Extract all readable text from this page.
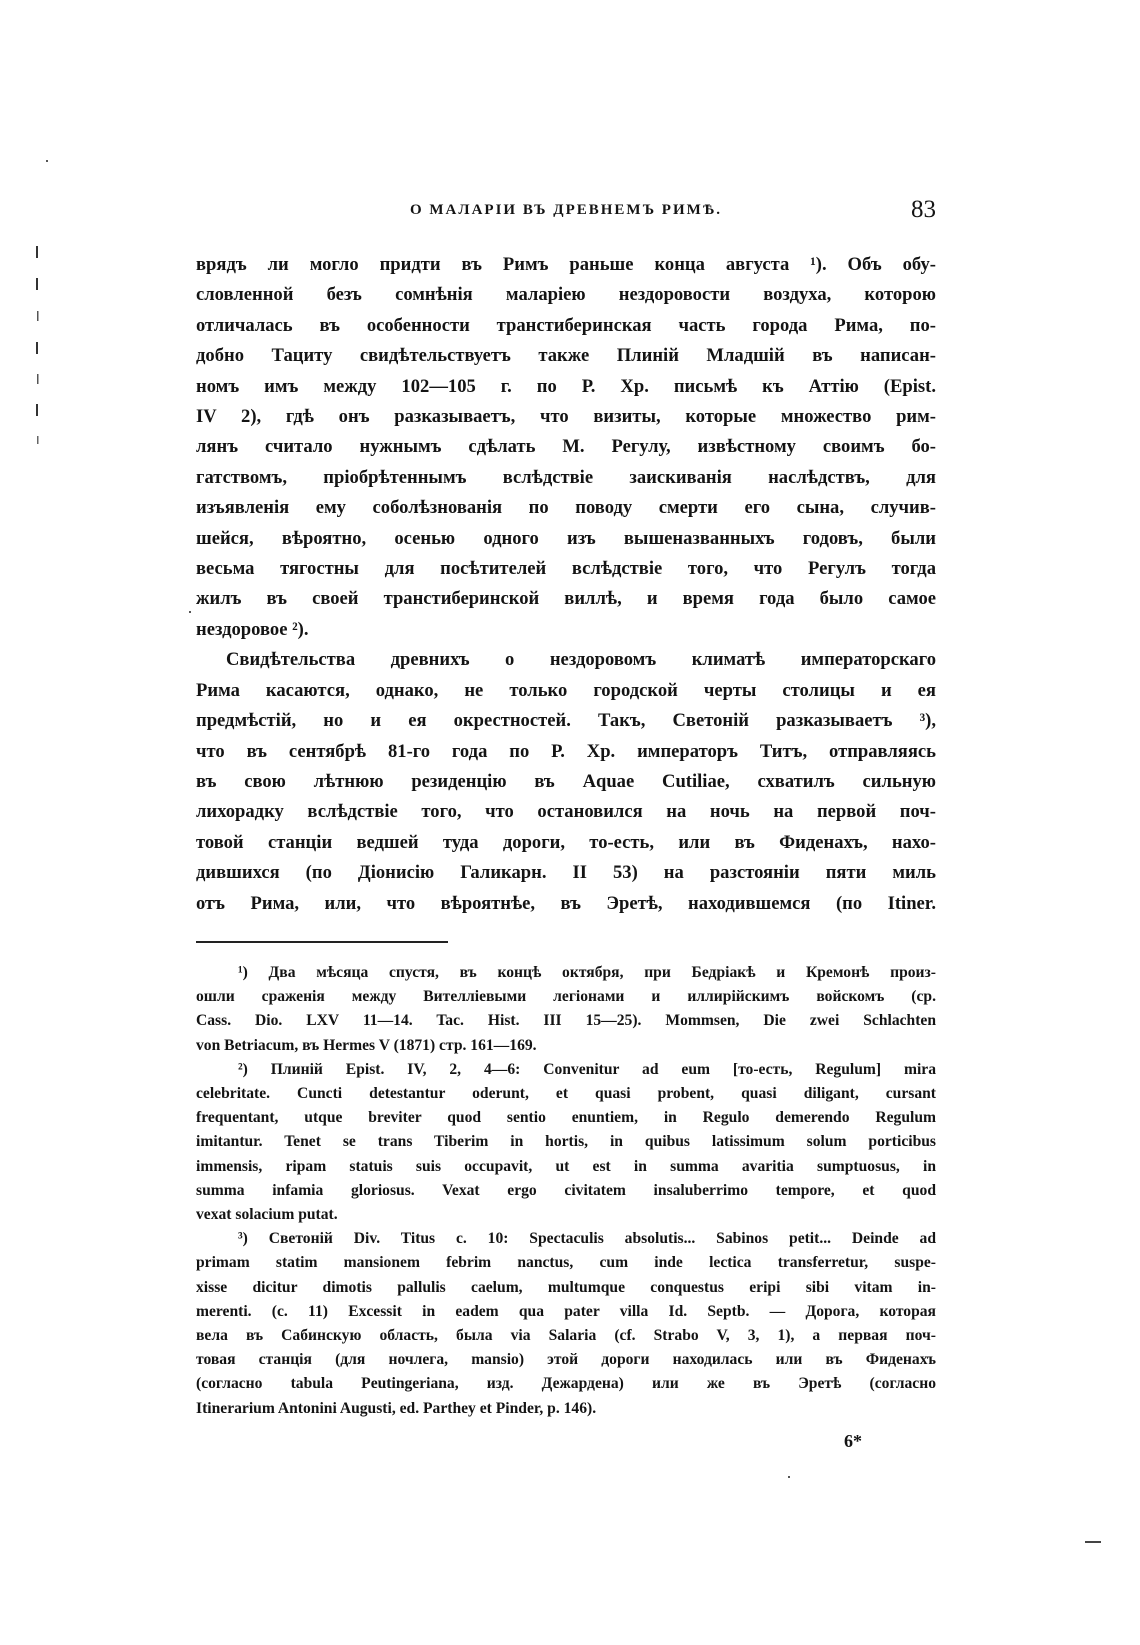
О МАЛАРІИ ВЪ ДРЕВНЕМЪ РИМѢ.	83
врядъ ли могло придти въ Римъ раньше конца августа ¹). Объ обу-
словленной безъ сомнѣнія маларіею нездоровости воздуха, которою
отличалась въ особенности транстиберинская часть города Рима, по-
добно Тациту свидѣтельствуетъ также Плиній Младшій въ написан-
номъ имъ между 102—105 г. по Р. Хр. письмѣ къ Аттію (Epist.
IV 2), гдѣ онъ разказываетъ, что визиты, которые множество рим-
лянъ считало нужнымъ сдѣлать М. Регулу, извѣстному своимъ бо-
гатствомъ, пріобрѣтеннымъ вслѣдствіе заискиванія наслѣдствъ, для
изъявленія ему соболѣзнованія по поводу смерти его сына, случив-
шейся, вѣроятно, осенью одного изъ вышеназванныхъ годовъ, были
весьма тягостны для посѣтителей вслѣдствіе того, что Регулъ тогда
жилъ въ своей транстиберинской виллѣ, и время года было самое
нездоровое ²).
Свидѣтельства древнихъ о нездоровомъ климатѣ императорскаго
Рима касаются, однако, не только городской черты столицы и ея
предмѣстій, но и ея окрестностей. Такъ, Светоній разказываетъ ³),
что въ сентябрѣ 81-го года по Р. Хр. императоръ Титъ, отправляясь
въ свою лѣтнюю резиденцію въ Aquae Cutiliae, схватилъ сильную
лихорадку вслѣдствіе того, что остановился на ночь на первой поч-
товой станціи ведшей туда дороги, то-есть, или въ Фиденахъ, нахо-
дившихся (по Діонисію Галикарн. II 53) на разстояніи пяти миль
отъ Рима, или, что вѣроятнѣе, въ Эретѣ, находившемся (по Itiner.
¹) Два мѣсяца спустя, въ концѣ октября, при Бедріакѣ и Кремонѣ произ-
ошли сраженія между Вителліевыми легіонами и иллирійскимъ войскомъ (ср.
Cass. Dio. LXV 11—14. Tac. Hist. III 15—25). Mommsen, Die zwei Schlachten
von Betriacum, въ Hermes V (1871) стр. 161—169.
²) Плиній Epist. IV, 2, 4—6: Convenitur ad eum [то-есть, Regulum] mira
celebritate. Cuncti detestantur oderunt, et quasi probent, quasi diligant, cursant
frequentant, utque breviter quod sentio enuntiem, in Regulo demerendo Regulum
imitantur. Tenet se trans Tiberim in hortis, in quibus latissimum solum porticibus
immensis, ripam statuis suis occupavit, ut est in summa avaritia sumptuosus, in
summa infamia gloriosus. Vexat ergo civitatem insaluberrimo tempore, et quod
vexat solacium putat.
³) Светоній Div. Titus c. 10: Spectaculis absolutis... Sabinos petit... Deinde ad
primam statim mansionem febrim nanctus, cum inde lectica transferretur, suspe-
xisse dicitur dimotis pallulis caelum, multumque conquestus eripi sibi vitam in-
merenti. (c. 11) Excessit in eadem qua pater villa Id. Septb. — Дорога, которая
вела въ Сабинскую область, была via Salaria (cf. Strabo V, 3, 1), а первая поч-
товая станція (для ночлега, mansio) этой дороги находилась или въ Фиденахъ
(согласно tabula Peutingeriana, изд. Дежардена) или же въ Эретѣ (согласно
Itinerarium Antonini Augusti, ed. Parthey et Pinder, p. 146).
6*
